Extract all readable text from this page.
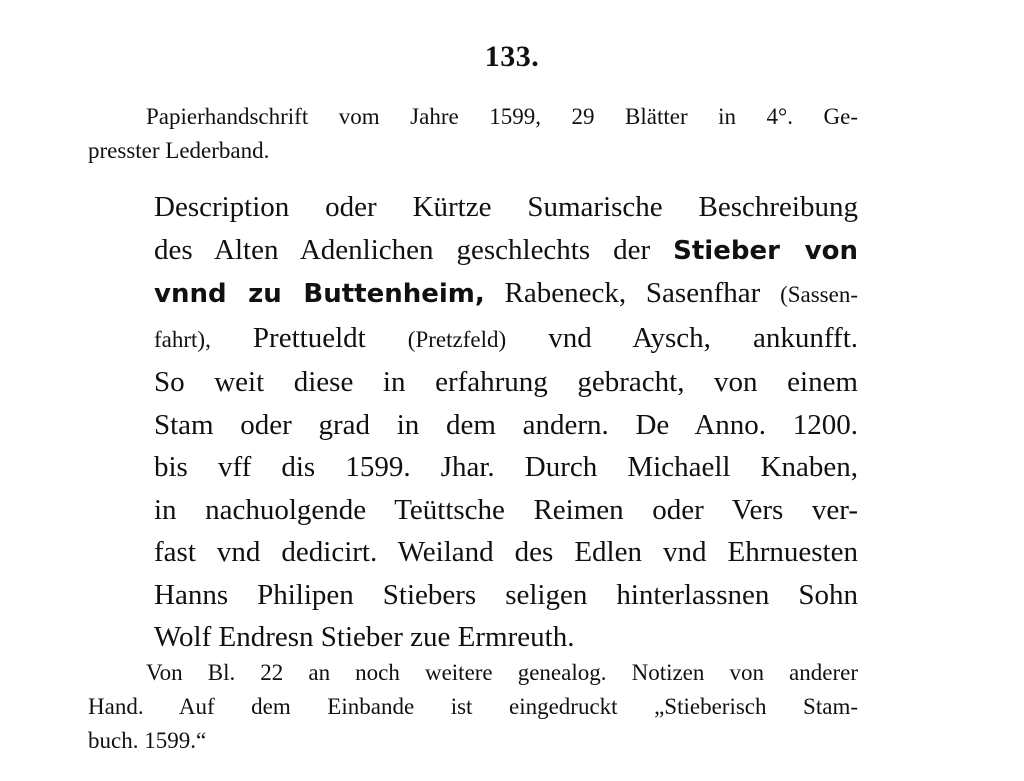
133.
Papierhandschrift vom Jahre 1599, 29 Blätter in 4°. Ge-
presster Lederband.
Description oder Kürtze Sumarische Beschreibung
des Alten Adenlichen geschlechts der Stieber von
vnnd zu Buttenheim, Rabeneck, Sasenfhar (Sassen-
fahrt), Prettueldt (Pretzfeld) vnd Aysch, ankunfft.
So weit diese in erfahrung gebracht, von einem
Stam oder grad in dem andern. De Anno. 1200.
bis vff dis 1599. Jhar. Durch Michaell Knaben,
in nachuolgende Teüttsche Reimen oder Vers ver-
fast vnd dedicirt. Weiland des Edlen vnd Ehrnuesten
Hanns Philipen Stiebers seligen hinterlassnen Sohn
Wolf Endresn Stieber zue Ermreuth.
Von Bl. 22 an noch weitere genealog. Notizen von anderer
Hand. Auf dem Einbande ist eingedruckt „Stieberisch Stam-
buch. 1599.“
